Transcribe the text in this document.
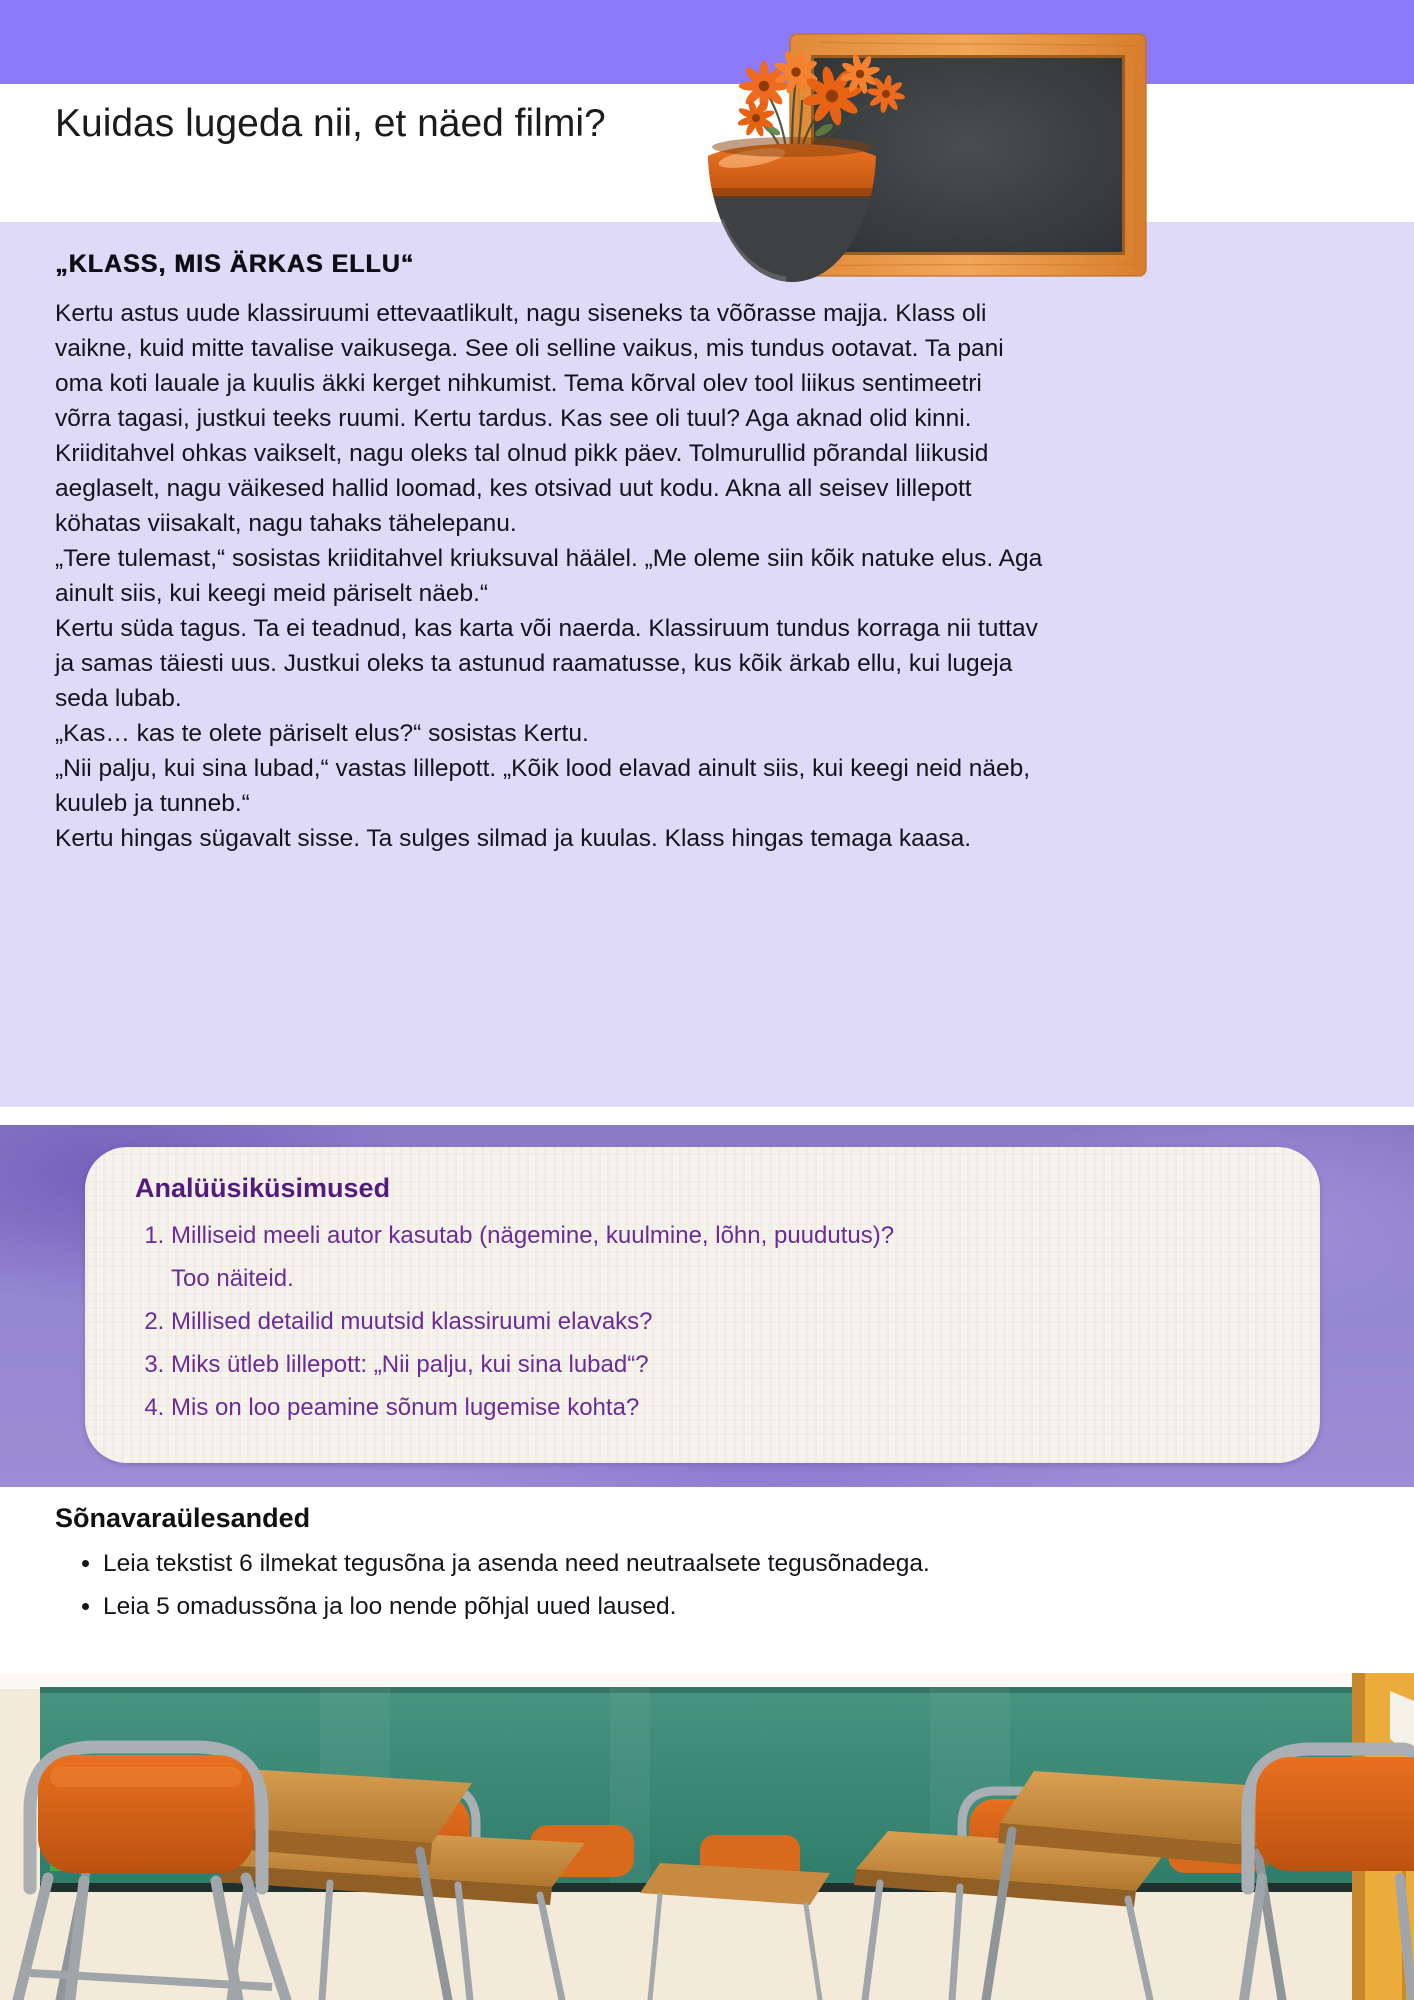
Kuidas lugeda nii, et näed filmi?
„KLASS, MIS ÄRKAS ELLU“

Kertu astus uude klassiruumi ettevaatlikult, nagu siseneks ta võõrasse majja. Klass oli vaikne, kuid mitte tavalise vaikusega. See oli selline vaikus, mis tundus ootavat. Ta pani oma koti lauale ja kuulis äkki kerget nihkumist. Tema kõrval olev tool liikus sentimeetri võrra tagasi, justkui teeks ruumi. Kertu tardus. Kas see oli tuul? Aga aknad olid kinni.

Kriiditahvel ohkas vaikselt, nagu oleks tal olnud pikk päev. Tolmurullid põrandal liikusid aeglaselt, nagu väikesed hallid loomad, kes otsivad uut kodu. Akna all seisev lillepott köhatas viisakalt, nagu tahaks tähelepanu.

„Tere tulemast,“ sosistas kriiditahvel kriuksuval häälel. „Me oleme siin kõik natuke elus. Aga ainult siis, kui keegi meid päriselt näeb.“

Kertu süda tagus. Ta ei teadnud, kas karta või naerda. Klassiruum tundus korraga nii tuttav ja samas täiesti uus. Justkui oleks ta astunud raamatusse, kus kõik ärkab ellu, kui lugeja seda lubab.

„Kas… kas te olete päriselt elus?“ sosistas Kertu.

„Nii palju, kui sina lubad,“ vastas lillepott. „Kõik lood elavad ainult siis, kui keegi neid näeb, kuuleb ja tunneb.“

Kertu hingas sügavalt sisse. Ta sulges silmad ja kuulas. Klass hingas temaga kaasa.

Analüüsiküsimused
1. Milliseid meeli autor kasutab (nägemine, kuulmine, lõhn, puudutus)?
Too näiteid.
2. Millised detailid muutsid klassiruumi elavaks?
3. Miks ütleb lillepott: „Nii palju, kui sina lubad“?
4. Mis on loo peamine sõnum lugemise kohta?
Sõnavaraülesanded
• Leia tekstist 6 ilmekat tegusõna ja asenda need neutraalsete tegusõnadega.
• Leia 5 omadussõna ja loo nende põhjal uued laused.
